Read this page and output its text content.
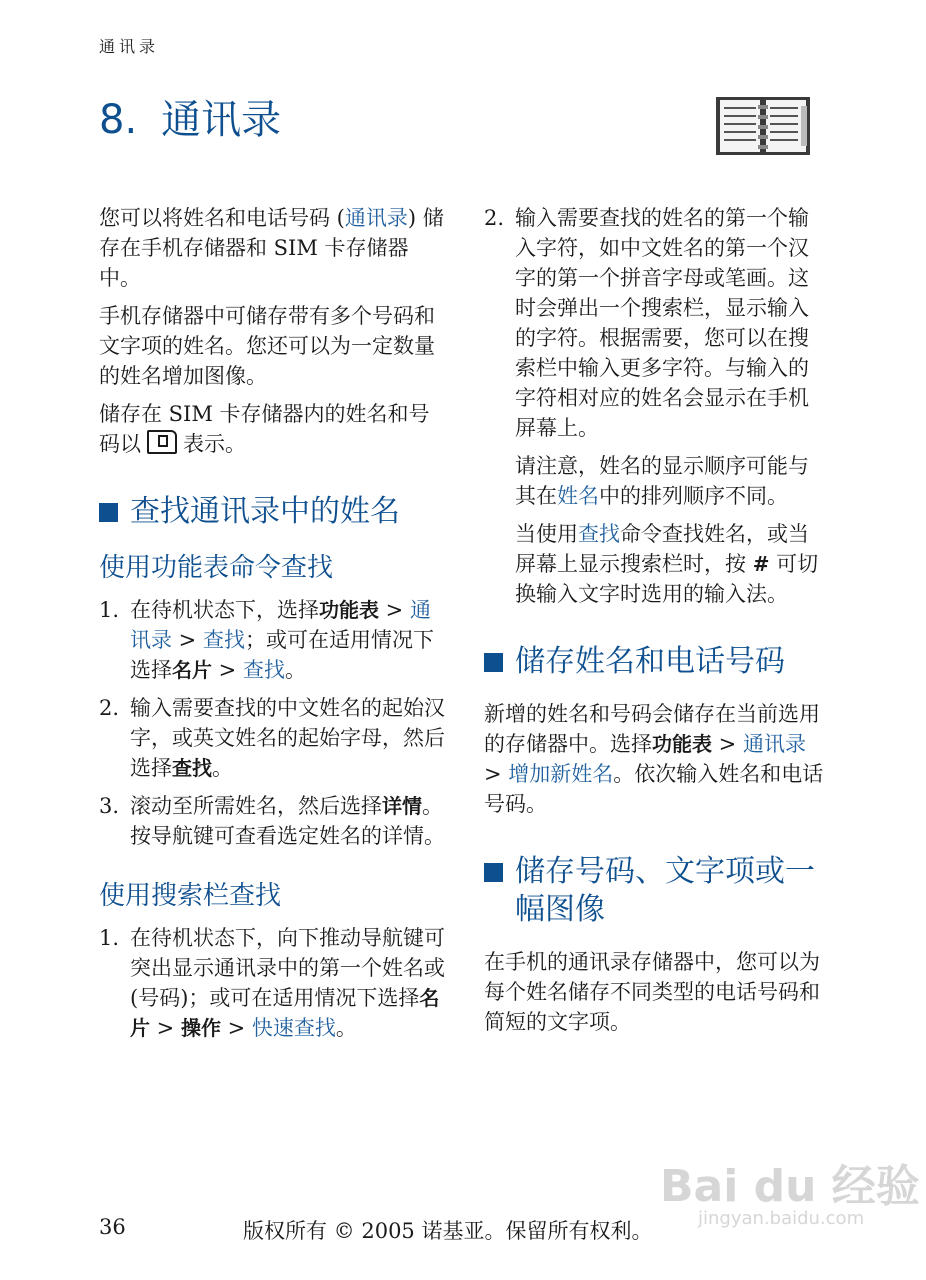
通讯录
8. 通讯录

您可以将姓名和电话号码 (通讯录) 储存在手机存储器和 SIM 卡存储器中。

手机存储器中可储存带有多个号码和文字项的姓名。您还可以为一定数量的姓名增加图像。

储存在 SIM 卡存储器内的姓名和号码以 表示。

查找通讯录中的姓名
使用功能表命令查找
1. 在待机状态下，选择功能表 > 通讯录 > 查找；或可在适用情况下选择名片 > 查找。
2. 输入需要查找的中文姓名的起始汉字，或英文姓名的起始字母，然后选择查找。
3. 滚动至所需姓名，然后选择详情。按导航键可查看选定姓名的详情。
使用搜索栏查找
1. 在待机状态下，向下推动导航键可突出显示通讯录中的第一个姓名或 (号码)；或可在适用情况下选择名片 > 操作 > 快速查找。
2. 输入需要查找的姓名的第一个输入字符，如中文姓名的第一个汉字的第一个拼音字母或笔画。这时会弹出一个搜索栏，显示输入的字符。根据需要，您可以在搜索栏中输入更多字符。与输入的字符相对应的姓名会显示在手机屏幕上。

请注意，姓名的显示顺序可能与其在姓名中的排列顺序不同。

当使用查找命令查找姓名，或当屏幕上显示搜索栏时，按 # 可切换输入文字时选用的输入法。

储存姓名和电话号码

新增的姓名和号码会储存在当前选用的存储器中。选择功能表 > 通讯录 > 增加新姓名。依次输入姓名和电话号码。

储存号码、文字项或一幅图像

在手机的通讯录存储器中，您可以为每个姓名储存不同类型的电话号码和简短的文字项。

Bai du 经验
jingyan.baidu.com
36	版权所有 © 2005 诺基亚。保留所有权利。
